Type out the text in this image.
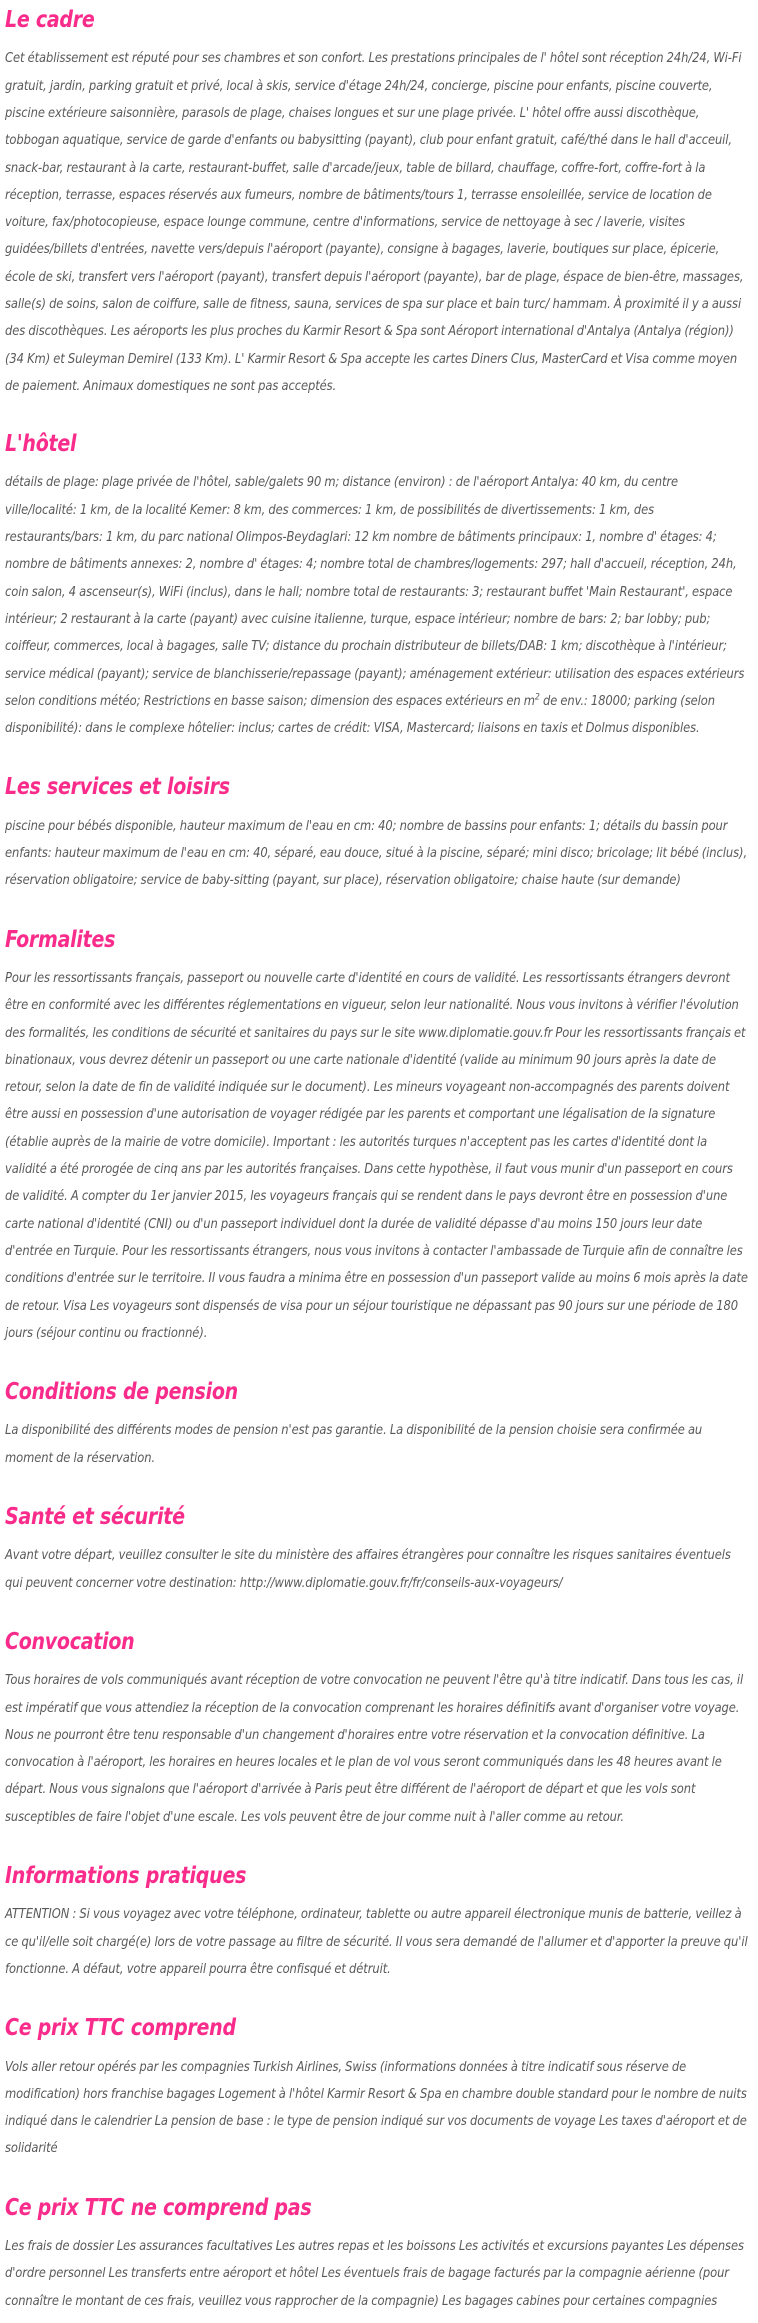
Le cadre

Cet établissement est réputé pour ses chambres et son confort. Les prestations principales de l' hôtel sont réception 24h/24, Wi-Fi gratuit, jardin, parking gratuit et privé, local à skis, service d'étage 24h/24, concierge, piscine pour enfants, piscine couverte, piscine extérieure saisonnière, parasols de plage, chaises longues et sur une plage privée. L' hôtel offre aussi discothèque, tobbogan aquatique, service de garde d'enfants ou babysitting (payant), club pour enfant gratuit, café/thé dans le hall d'acceuil, snack-bar, restaurant à la carte, restaurant-buffet, salle d'arcade/jeux, table de billard, chauffage, coffre-fort, coffre-fort à la réception, terrasse, espaces réservés aux fumeurs, nombre de bâtiments/tours 1, terrasse ensoleillée, service de location de voiture, fax/photocopieuse, espace lounge commune, centre d'informations, service de nettoyage à sec / laverie, visites guidées/billets d'entrées, navette vers/depuis l'aéroport (payante), consigne à bagages, laverie, boutiques sur place, épicerie, école de ski, transfert vers l'aéroport (payant), transfert depuis l'aéroport (payante), bar de plage, éspace de bien-être, massages, salle(s) de soins, salon de coiffure, salle de fitness, sauna, services de spa sur place et bain turc/ hammam. À proximité il y a aussi des discothèques. Les aéroports les plus proches du Karmir Resort & Spa sont Aéroport international d'Antalya (Antalya (région)) (34 Km) et Suleyman Demirel (133 Km). L' Karmir Resort & Spa accepte les cartes Diners Clus, MasterCard et Visa comme moyen de paiement. Animaux domestiques ne sont pas acceptés.

L'hôtel

détails de plage: plage privée de l'hôtel, sable/galets 90 m; distance (environ) : de l'aéroport Antalya: 40 km, du centre ville/localité: 1 km, de la localité Kemer: 8 km, des commerces: 1 km, de possibilités de divertissements: 1 km, des restaurants/bars: 1 km, du parc national Olimpos-Beydaglari: 12 km nombre de bâtiments principaux: 1, nombre d' étages: 4; nombre de bâtiments annexes: 2, nombre d' étages: 4; nombre total de chambres/logements: 297; hall d'accueil, réception, 24h, coin salon, 4 ascenseur(s), WiFi (inclus), dans le hall; nombre total de restaurants: 3; restaurant buffet 'Main Restaurant', espace intérieur; 2 restaurant à la carte (payant) avec cuisine italienne, turque, espace intérieur; nombre de bars: 2; bar lobby; pub; coiffeur, commerces, local à bagages, salle TV; distance du prochain distributeur de billets/DAB: 1 km; discothèque à l'intérieur; service médical (payant); service de blanchisserie/repassage (payant); aménagement extérieur: utilisation des espaces extérieurs selon conditions météo; Restrictions en basse saison; dimension des espaces extérieurs en $m^2$ de env.: 18000; parking (selon disponibilité): dans le complexe hôtelier: inclus; cartes de crédit: VISA, Mastercard; liaisons en taxis et Dolmus disponibles.

Les services et loisirs

piscine pour bébés disponible, hauteur maximum de l'eau en cm: 40; nombre de bassins pour enfants: 1; détails du bassin pour enfants: hauteur maximum de l'eau en cm: 40, séparé, eau douce, situé à la piscine, séparé; mini disco; bricolage; lit bébé (inclus), réservation obligatoire; service de baby-sitting (payant, sur place), réservation obligatoire; chaise haute (sur demande)

Formalites

Pour les ressortissants français, passeport ou nouvelle carte d'identité en cours de validité. Les ressortissants étrangers devront être en conformité avec les différentes réglementations en vigueur, selon leur nationalité. Nous vous invitons à vérifier l'évolution des formalités, les conditions de sécurité et sanitaires du pays sur le site www.diplomatie.gouv.fr Pour les ressortissants français et binationaux, vous devrez détenir un passeport ou une carte nationale d'identité (valide au minimum 90 jours après la date de retour, selon la date de fin de validité indiquée sur le document). Les mineurs voyageant non-accompagnés des parents doivent être aussi en possession d'une autorisation de voyager rédigée par les parents et comportant une légalisation de la signature (établie auprès de la mairie de votre domicile). Important : les autorités turques n'acceptent pas les cartes d'identité dont la validité a été prorogée de cinq ans par les autorités françaises. Dans cette hypothèse, il faut vous munir d'un passeport en cours de validité. A compter du 1er janvier 2015, les voyageurs français qui se rendent dans le pays devront être en possession d'une carte national d'identité (CNI) ou d'un passeport individuel dont la durée de validité dépasse d'au moins 150 jours leur date d'entrée en Turquie. Pour les ressortissants étrangers, nous vous invitons à contacter l'ambassade de Turquie afin de connaître les conditions d'entrée sur le territoire. Il vous faudra a minima être en possession d'un passeport valide au moins 6 mois après la date de retour. Visa Les voyageurs sont dispensés de visa pour un séjour touristique ne dépassant pas 90 jours sur une période de 180 jours (séjour continu ou fractionné).

Conditions de pension

La disponibilité des différents modes de pension n'est pas garantie. La disponibilité de la pension choisie sera confirmée au moment de la réservation.

Santé et sécurité

Avant votre départ, veuillez consulter le site du ministère des affaires étrangères pour connaître les risques sanitaires éventuels qui peuvent concerner votre destination: http://www.diplomatie.gouv.fr/fr/conseils-aux-voyageurs/

Convocation

Tous horaires de vols communiqués avant réception de votre convocation ne peuvent l'être qu'à titre indicatif. Dans tous les cas, il est impératif que vous attendiez la réception de la convocation comprenant les horaires définitifs avant d'organiser votre voyage. Nous ne pourront être tenu responsable d'un changement d'horaires entre votre réservation et la convocation définitive. La convocation à l'aéroport, les horaires en heures locales et le plan de vol vous seront communiqués dans les 48 heures avant le départ. Nous vous signalons que l'aéroport d'arrivée à Paris peut être différent de l'aéroport de départ et que les vols sont susceptibles de faire l'objet d'une escale. Les vols peuvent être de jour comme nuit à l'aller comme au retour.

Informations pratiques

ATTENTION : Si vous voyagez avec votre téléphone, ordinateur, tablette ou autre appareil électronique munis de batterie, veillez à ce qu'il/elle soit chargé(e) lors de votre passage au filtre de sécurité. Il vous sera demandé de l'allumer et d'apporter la preuve qu'il fonctionne. A défaut, votre appareil pourra être confisqué et détruit.

Ce prix TTC comprend

Vols aller retour opérés par les compagnies Turkish Airlines, Swiss (informations données à titre indicatif sous réserve de modification) hors franchise bagages Logement à l'hôtel Karmir Resort & Spa en chambre double standard pour le nombre de nuits indiqué dans le calendrier La pension de base : le type de pension indiqué sur vos documents de voyage Les taxes d'aéroport et de solidarité

Ce prix TTC ne comprend pas

Les frais de dossier Les assurances facultatives Les autres repas et les boissons Les activités et excursions payantes Les dépenses d'ordre personnel Les transferts entre aéroport et hôtel Les éventuels frais de bagage facturés par la compagnie aérienne (pour connaître le montant de ces frais, veuillez vous rapprocher de la compagnie) Les bagages cabines pour certaines compagnies
